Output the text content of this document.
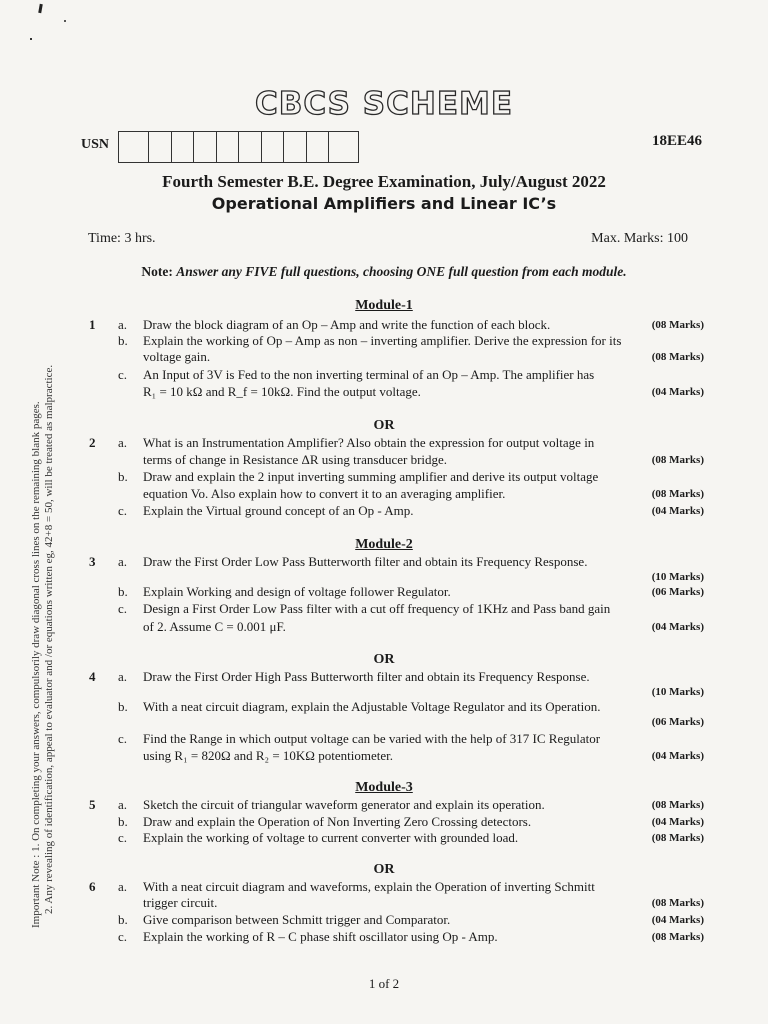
CBCS SCHEME
USN	18EE46
Fourth Semester B.E. Degree Examination, July/August 2022
Operational Amplifiers and Linear IC’s
Time: 3 hrs.	Max. Marks: 100
Note: Answer any FIVE full questions, choosing ONE full question from each module.
Important Note : 1. On completing your answers, compulsorily draw diagonal cross lines on the remaining blank pages. 2. Any revealing of identification, appeal to evaluator and /or equations written eg, 42+8 = 50, will be treated as malpractice.
Module-1
OR
Module-2
OR
Module-3
OR
1 a. Draw the block diagram of an Op – Amp and write the function of each block.	(08 Marks)
b. Explain the working of Op – Amp as non – inverting amplifier. Derive the expression for its
voltage gain.	(08 Marks)
c. An Input of 3V is Fed to the non inverting terminal of an Op – Amp. The amplifier has
R₁ = 10 kΩ and R_f = 10kΩ. Find the output voltage.	(04 Marks)
2 a. What is an Instrumentation Amplifier? Also obtain the expression for output voltage in
terms of change in Resistance ΔR using transducer bridge.	(08 Marks)
b. Draw and explain the 2 input inverting summing amplifier and derive its output voltage
equation Vo. Also explain how to convert it to an averaging amplifier.	(08 Marks)
c. Explain the Virtual ground concept of an Op - Amp.	(04 Marks)
3 a. Draw the First Order Low Pass Butterworth filter and obtain its Frequency Response.
(10 Marks)
b. Explain Working and design of voltage follower Regulator.	(06 Marks)
c. Design a First Order Low Pass filter with a cut off frequency of 1KHz and Pass band gain
of 2. Assume C = 0.001 μF.	(04 Marks)
4 a. Draw the First Order High Pass Butterworth filter and obtain its Frequency Response.
(10 Marks)
b. With a neat circuit diagram, explain the Adjustable Voltage Regulator and its Operation.
(06 Marks)
c. Find the Range in which output voltage can be varied with the help of 317 IC Regulator
using R₁ = 820Ω and R₂ = 10KΩ potentiometer.	(04 Marks)
5 a. Sketch the circuit of triangular waveform generator and explain its operation.	(08 Marks)
b. Draw and explain the Operation of Non Inverting Zero Crossing detectors.	(04 Marks)
c. Explain the working of voltage to current converter with grounded load.	(08 Marks)
6 a. With a neat circuit diagram and waveforms, explain the Operation of inverting Schmitt
trigger circuit.	(08 Marks)
b. Give comparison between Schmitt trigger and Comparator.	(04 Marks)
c. Explain the working of R – C phase shift oscillator using Op - Amp.	(08 Marks)
1 of 2
